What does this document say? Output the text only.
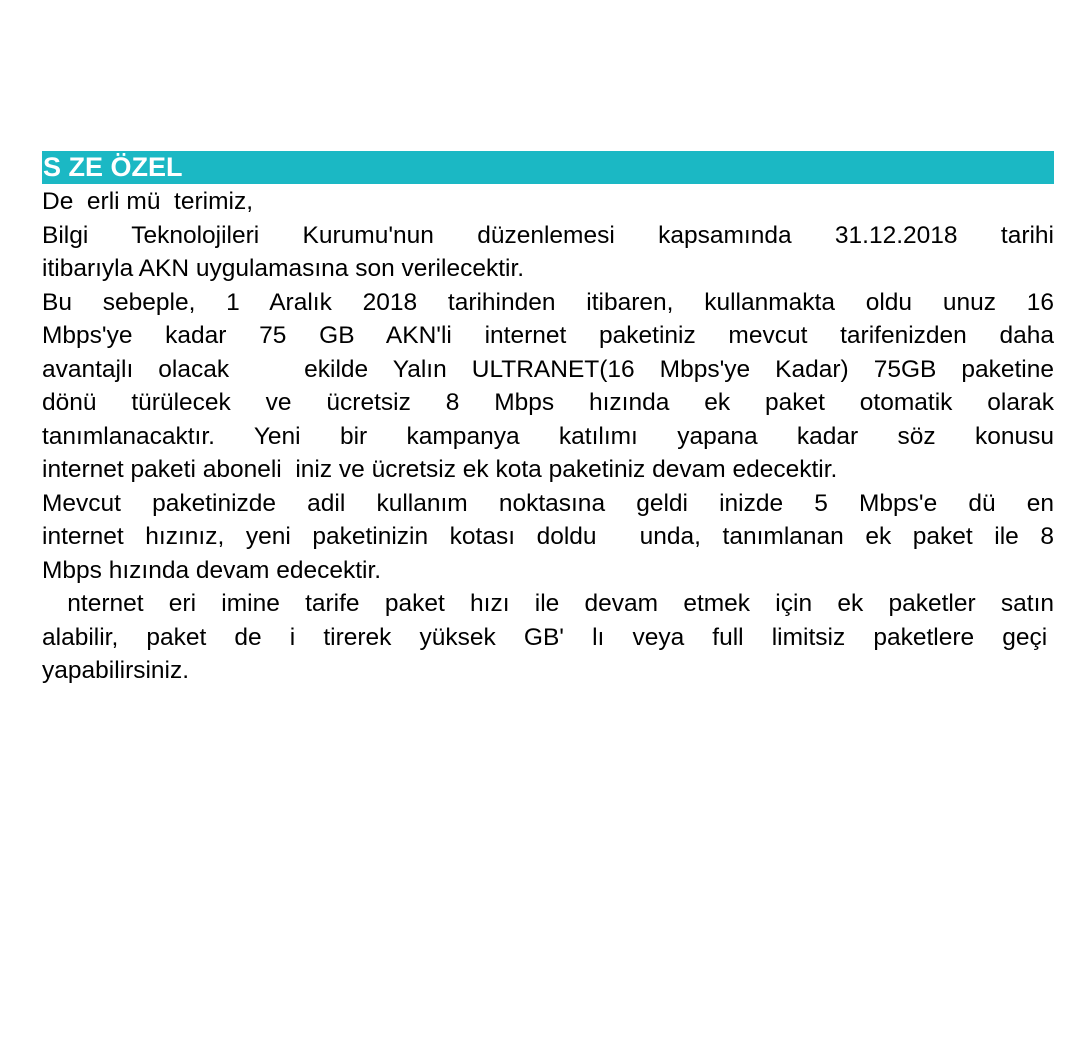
S ZE ÖZEL
De  erli mü  terimiz,
Bilgi Teknolojileri Kurumu'nun düzenlemesi kapsamında 31.12.2018 tarihi
itibarıyla AKN uygulamasına son verilecektir.
Bu sebeple, 1 Aralık 2018 tarihinden itibaren, kullanmakta oldu unuz 16
Mbps'ye kadar 75 GB AKN'li internet paketiniz mevcut tarifenizden daha
avantajlı olacak   ekilde Yalın ULTRANET(16 Mbps'ye Kadar) 75GB paketine
dönü türülecek ve ücretsiz 8 Mbps hızında ek paket otomatik olarak
tanımlanacaktır. Yeni bir kampanya katılımı yapana kadar söz konusu
internet paketi aboneli  iniz ve ücretsiz ek kota paketiniz devam edecektir.
Mevcut paketinizde adil kullanım noktasına geldi inizde 5 Mbps'e dü en
internet hızınız, yeni paketinizin kotası doldu  unda, tanımlanan ek paket ile 8
Mbps hızında devam edecektir.
nternet eri imine tarife paket hızı ile devam etmek için ek paketler satın
alabilir, paket de i tirerek yüksek GB' lı veya full limitsiz paketlere geçi
yapabilirsiniz.
